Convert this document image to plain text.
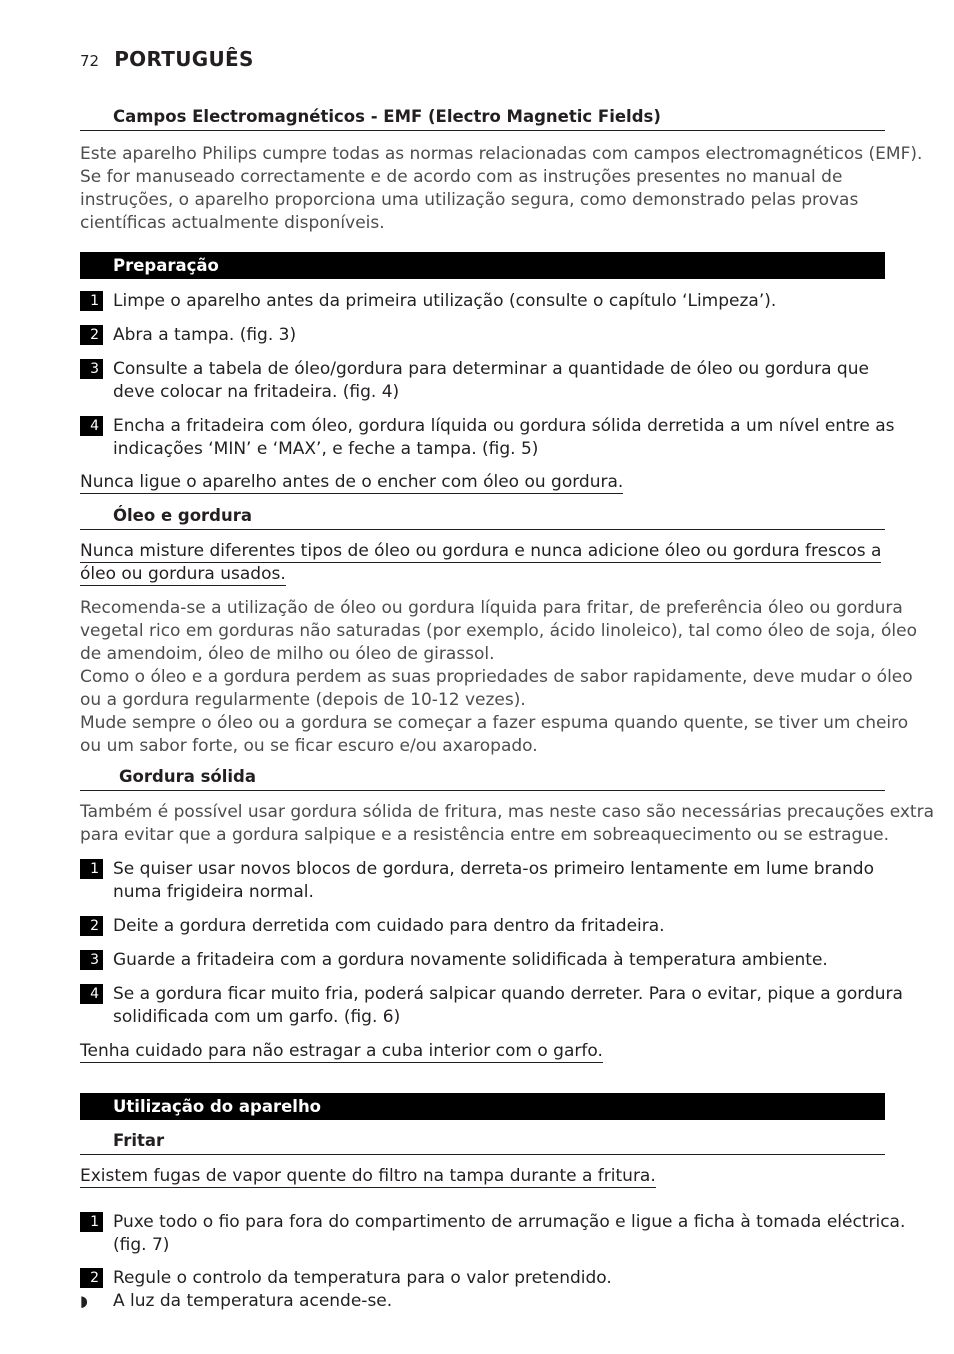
72 PORTUGUÊS
Campos Electromagnéticos - EMF (Electro Magnetic Fields)
Este aparelho Philips cumpre todas as normas relacionadas com campos electromagnéticos (EMF).
Se for manuseado correctamente e de acordo com as instruções presentes no manual de
instruções, o aparelho proporciona uma utilização segura, como demonstrado pelas provas
científicas actualmente disponíveis.
Preparação
1 Limpe o aparelho antes da primeira utilização (consulte o capítulo ‘Limpeza’).
2 Abra a tampa. (fig. 3)
3 Consulte a tabela de óleo/gordura para determinar a quantidade de óleo ou gordura que
deve colocar na fritadeira. (fig. 4)
4 Encha a fritadeira com óleo, gordura líquida ou gordura sólida derretida a um nível entre as
indicações ‘MIN’ e ‘MAX’, e feche a tampa. (fig. 5)
Nunca ligue o aparelho antes de o encher com óleo ou gordura.
Óleo e gordura
Nunca misture diferentes tipos de óleo ou gordura e nunca adicione óleo ou gordura frescos a
óleo ou gordura usados.
Recomenda-se a utilização de óleo ou gordura líquida para fritar, de preferência óleo ou gordura
vegetal rico em gorduras não saturadas (por exemplo, ácido linoleico), tal como óleo de soja, óleo
de amendoim, óleo de milho ou óleo de girassol.
Como o óleo e a gordura perdem as suas propriedades de sabor rapidamente, deve mudar o óleo
ou a gordura regularmente (depois de 10-12 vezes).
Mude sempre o óleo ou a gordura se começar a fazer espuma quando quente, se tiver um cheiro
ou um sabor forte, ou se ficar escuro e/ou axaropado.
Gordura sólida
Também é possível usar gordura sólida de fritura, mas neste caso são necessárias precauções extra
para evitar que a gordura salpique e a resistência entre em sobreaquecimento ou se estrague.
1 Se quiser usar novos blocos de gordura, derreta-os primeiro lentamente em lume brando
numa frigideira normal.
2 Deite a gordura derretida com cuidado para dentro da fritadeira.
3 Guarde a fritadeira com a gordura novamente solidificada à temperatura ambiente.
4 Se a gordura ficar muito fria, poderá salpicar quando derreter. Para o evitar, pique a gordura
solidificada com um garfo. (fig. 6)
Tenha cuidado para não estragar a cuba interior com o garfo.
Utilização do aparelho
Fritar
Existem fugas de vapor quente do filtro na tampa durante a fritura.
1 Puxe todo o fio para fora do compartimento de arrumação e ligue a ficha à tomada eléctrica.
(fig. 7)
2 Regule o controlo da temperatura para o valor pretendido.
◗ A luz da temperatura acende-se.
